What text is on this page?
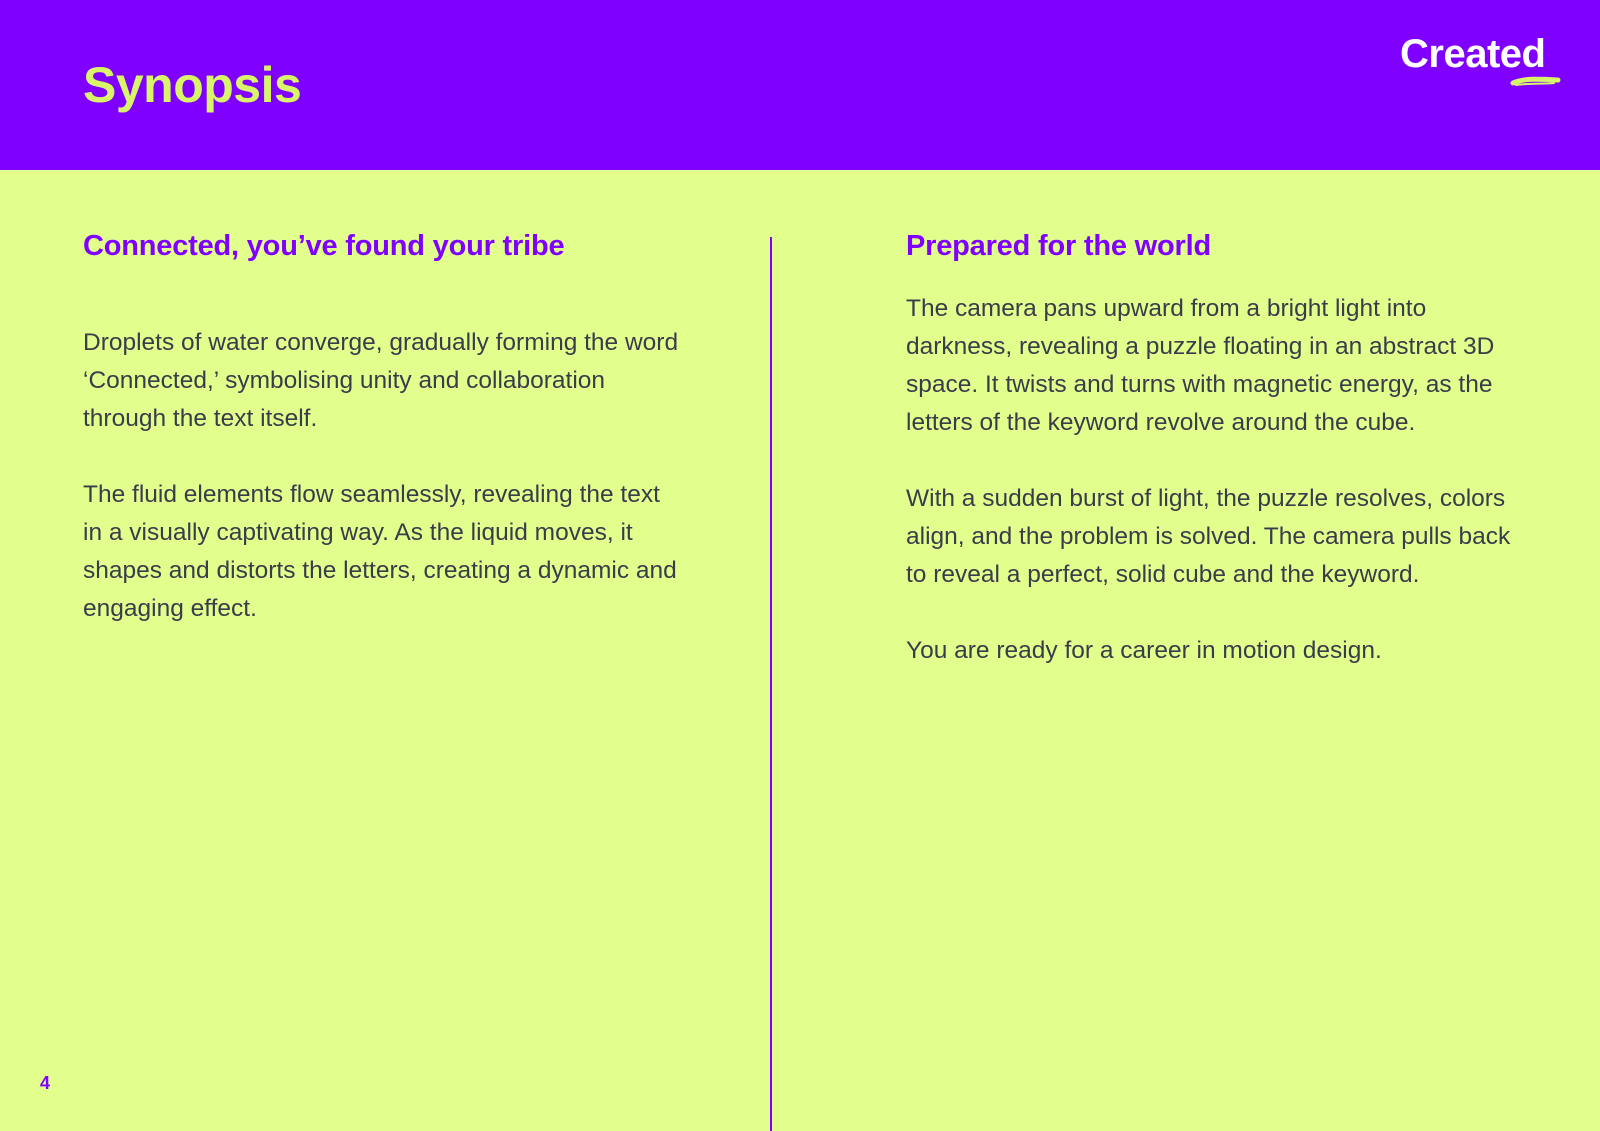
Synopsis
Created
Connected, you’ve found your tribe

Droplets of water converge, gradually forming the word ‘Connected,’ symbolising unity and collaboration through the text itself.

The fluid elements flow seamlessly, revealing the text in a visually captivating way. As the liquid moves, it shapes and distorts the letters, creating a dynamic and engaging effect.

Prepared for the world

The camera pans upward from a bright light into darkness, revealing a puzzle floating in an abstract 3D space. It twists and turns with magnetic energy, as the letters of the keyword revolve around the cube.

With a sudden burst of light, the puzzle resolves, colors align, and the problem is solved. The camera pulls back to reveal a perfect, solid cube and the keyword.

You are ready for a career in motion design.

4
